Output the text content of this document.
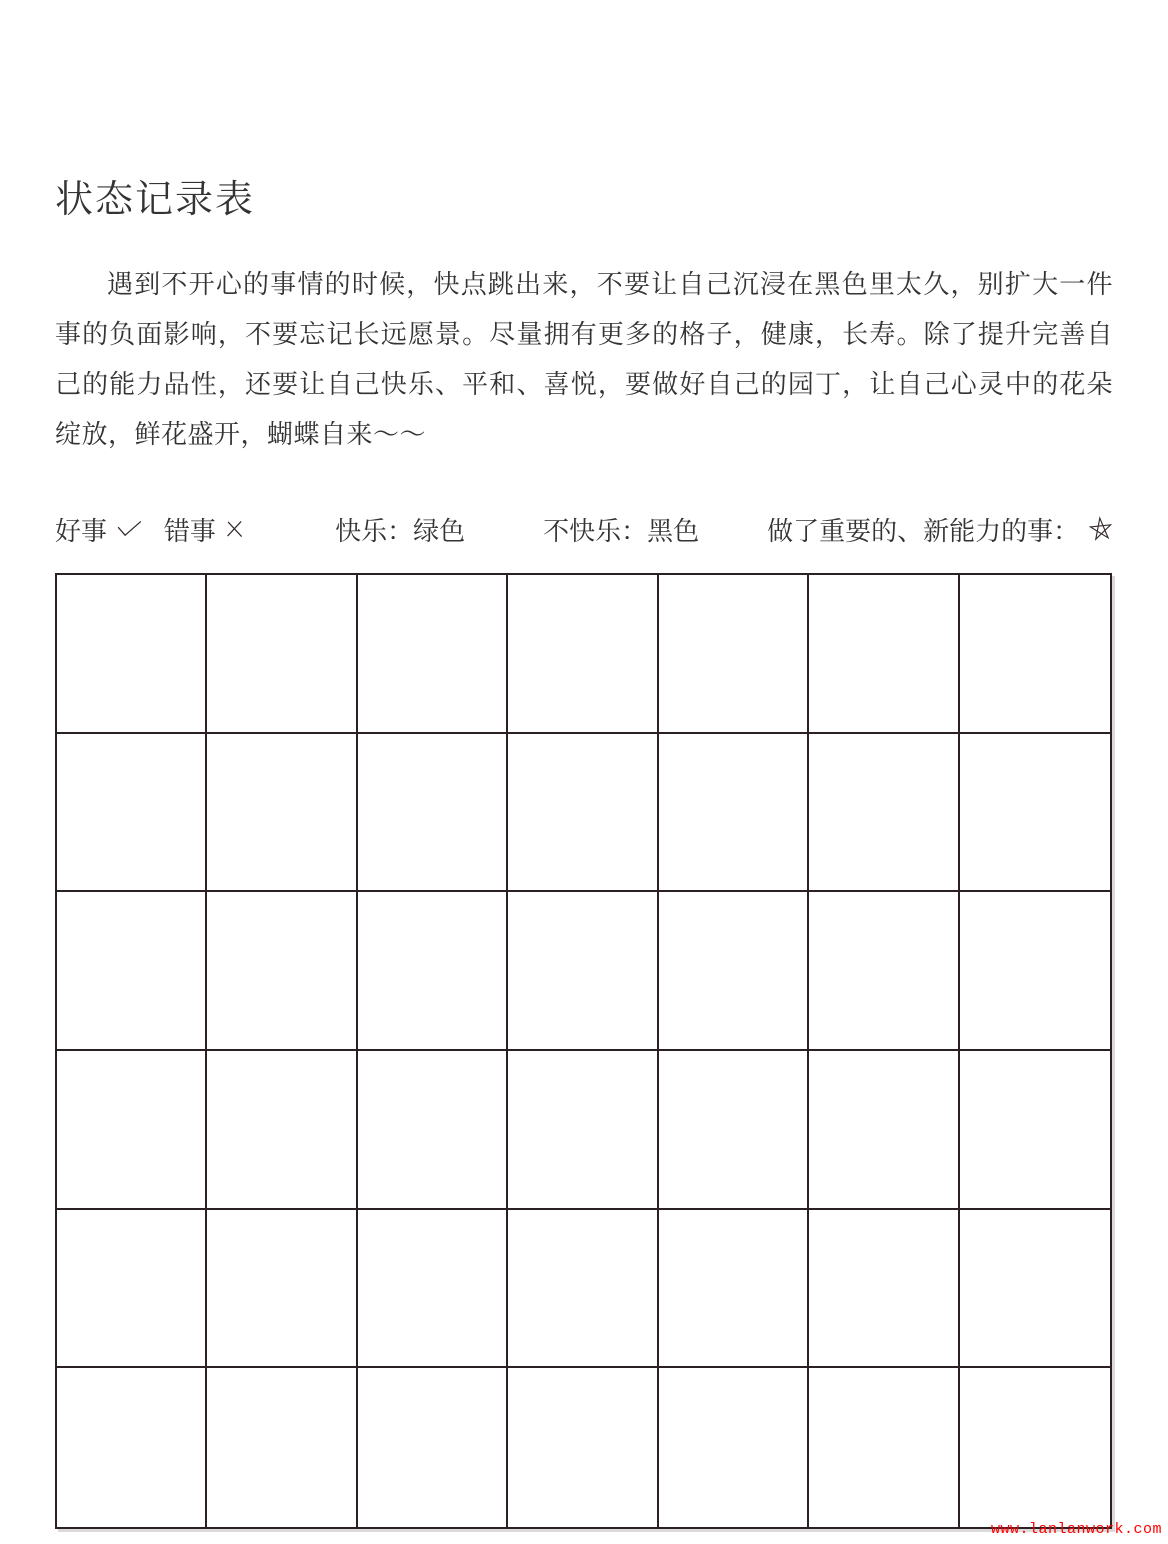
状态记录表

遇到不开心的事情的时候，快点跳出来，不要让自己沉浸在黑色里太久，别扩大一件事的负面影响，不要忘记长远愿景。尽量拥有更多的格子，健康，长寿。除了提升完善自己的能力品性，还要让自己快乐、平和、喜悦，要做好自己的园丁，让自己心灵中的花朵绽放，鲜花盛开，蝴蝶自来～～

好事 错事	快乐：绿色	不快乐：黑色	做了重要的、新能力的事：
www.lanlanwork.com
